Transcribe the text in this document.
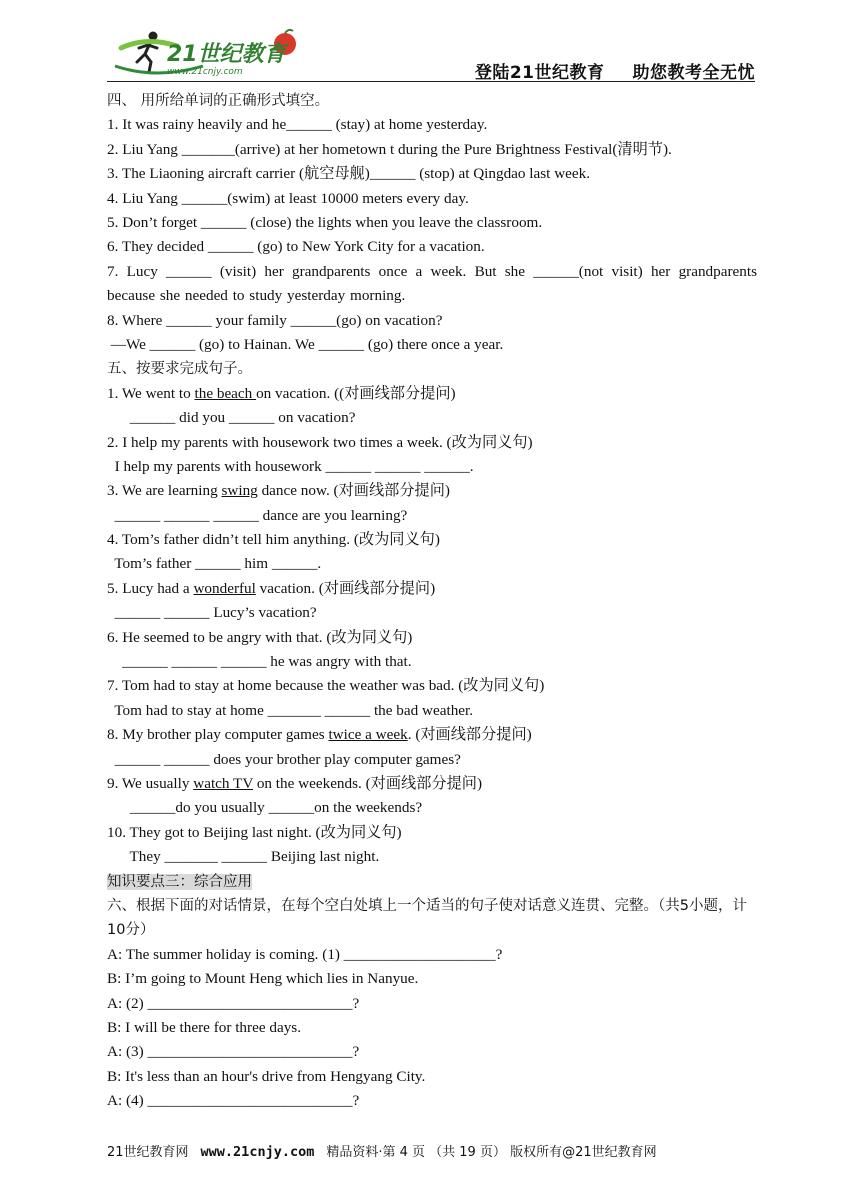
21世纪教育
www.21cnjy.com	登陆21世纪教育 助您教考全无忧
四、 用所给单词的正确形式填空。
1. It was rainy heavily and he______ (stay) at home yesterday.
2. Liu Yang _______(arrive) at her hometown t during the Pure Brightness Festival(清明节).
3. The Liaoning aircraft carrier (航空母舰)______ (stop) at Qingdao last week.
4. Liu Yang ______(swim) at least 10000 meters every day.
5. Don’t forget ______ (close) the lights when you leave the classroom.
6. They decided ______ (go) to New York City for a vacation.
7. Lucy ______ (visit) her grandparents once a week. But she ______(not visit) her grandparents because she needed to study yesterday morning.
8. Where ______ your family ______(go) on vacation?
—We ______ (go) to Hainan. We ______ (go) there once a year.
五、按要求完成句子。
1. We went to the beach on vacation. ((对画线部分提问)
______ did you ______ on vacation?
2. I help my parents with housework two times a week. (改为同义句)
I help my parents with housework ______ ______ ______.
3. We are learning swing dance now. (对画线部分提问)
______ ______ ______ dance are you learning?
4. Tom’s father didn’t tell him anything. (改为同义句)
Tom’s father ______ him ______.
5. Lucy had a wonderful vacation. (对画线部分提问)
______ ______ Lucy’s vacation?
6. He seemed to be angry with that. (改为同义句)
______ ______ ______ he was angry with that.
7. Tom had to stay at home because the weather was bad. (改为同义句)
Tom had to stay at home _______ ______ the bad weather.
8. My brother play computer games twice a week. (对画线部分提问)
______ ______ does your brother play computer games?
9. We usually watch TV on the weekends. (对画线部分提问)
______do you usually ______on the weekends?
10. They got to Beijing last night. (改为同义句)
They _______ ______ Beijing last night.
知识要点三：综合应用
六、根据下面的对话情景，在每个空白处填上一个适当的句子使对话意义连贯、完整。（共5小题，计10分）
A: The summer holiday is coming. (1) ____________________?
B: I’m going to Mount Heng which lies in Nanyue.
A: (2) ___________________________?
B: I will be there for three days.
A: (3) ___________________________?
B: It's less than an hour's drive from Hengyang City.
A: (4) ___________________________?
21世纪教育网 www.21cnjy.com 精品资料·第 4 页 （共 19 页） 版权所有@21世纪教育网
